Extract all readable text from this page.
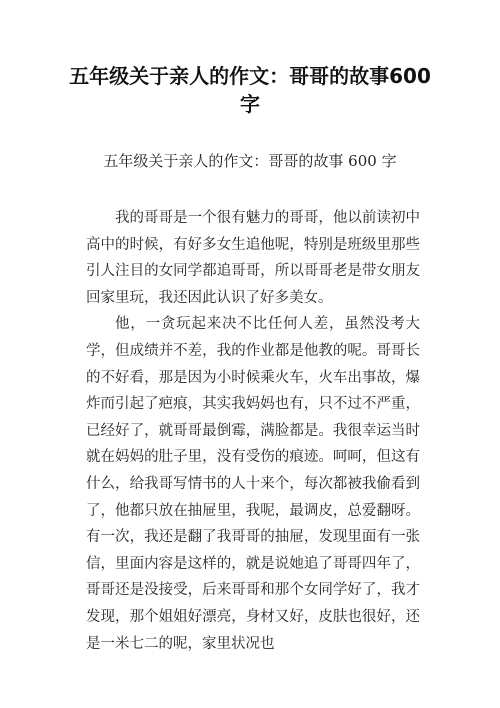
五年级关于亲人的作文：哥哥的故事600字
五年级关于亲人的作文：哥哥的故事 600 字

我的哥哥是一个很有魅力的哥哥，他以前读初中高中的时候，有好多女生追他呢，特别是班级里那些引人注目的女同学都追哥哥，所以哥哥老是带女朋友回家里玩，我还因此认识了好多美女。

他，一贪玩起来决不比任何人差，虽然没考大学，但成绩并不差，我的作业都是他教的呢。哥哥长的不好看，那是因为小时候乘火车，火车出事故，爆炸而引起了疤痕，其实我妈妈也有，只不过不严重，已经好了，就哥哥最倒霉，满脸都是。我很幸运当时就在妈妈的肚子里，没有受伤的痕迹。呵呵，但这有什么，给我哥写情书的人十来个，每次都被我偷看到了，他都只放在抽屉里，我呢，最调皮，总爱翻呀。有一次，我还是翻了我哥哥的抽屉，发现里面有一张信，里面内容是这样的，就是说她追了哥哥四年了，哥哥还是没接受，后来哥哥和那个女同学好了，我才发现，那个姐姐好漂亮，身材又好，皮肤也很好，还是一米七二的呢，家里状况也
